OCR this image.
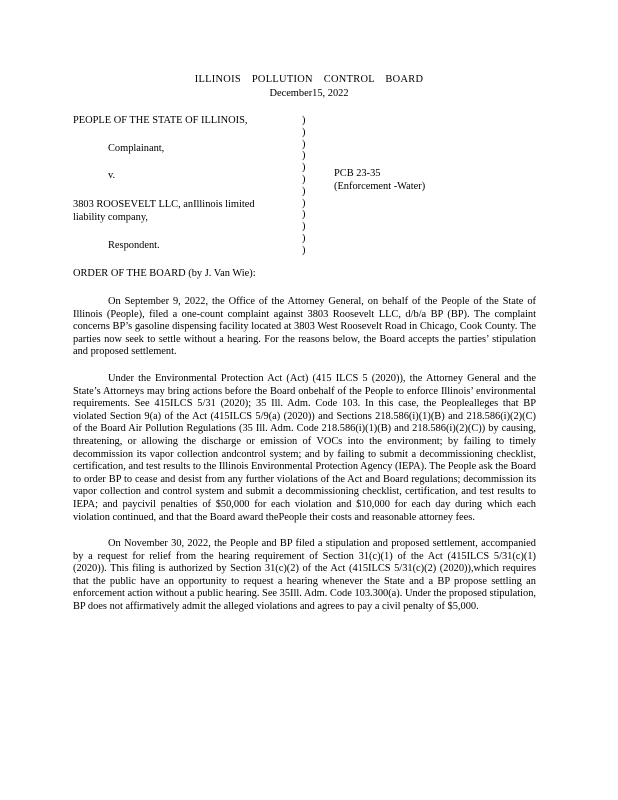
ILLINOIS POLLUTION CONTROL BOARD
December15, 2022
PEOPLE OF THE STATE OF ILLINOIS,
Complainant,
v.
3803 ROOSEVELT LLC, anIllinois limited
liability company,
Respondent.
)
)
)
)
)
)
)
)
)
)
)
)
PCB 23-35
(Enforcement -Water)
ORDER OF THE BOARD (by J. Van Wie):

On September 9, 2022, the Office of the Attorney General, on behalf of the People of the State of Illinois (People), filed a one-count complaint against 3803 Roosevelt LLC, d/b/a BP (BP). The complaint concerns BP’s gasoline dispensing facility located at 3803 West Roosevelt Road in Chicago, Cook County. The parties now seek to settle without a hearing. For the reasons below, the Board accepts the parties’ stipulation and proposed settlement.

Under the Environmental Protection Act (Act) (415 ILCS 5 (2020)), the Attorney General and the State’s Attorneys may bring actions before the Board onbehalf of the People to enforce Illinois’ environmental requirements. See 415ILCS 5/31 (2020); 35 Ill. Adm. Code 103. In this case, the Peoplealleges that BP violated Section 9(a) of the Act (415ILCS 5/9(a) (2020)) and Sections 218.586(i)(1)(B) and 218.586(i)(2)(C) of the Board Air Pollution Regulations (35 Ill. Adm. Code 218.586(i)(1)(B) and 218.586(i)(2)(C)) by causing, threatening, or allowing the discharge or emission of VOCs into the environment; by failing to timely decommission its vapor collection andcontrol system; and by failing to submit a decommissioning checklist, certification, and test results to the Illinois Environmental Protection Agency (IEPA). The People ask the Board to order BP to cease and desist from any further violations of the Act and Board regulations; decommission its vapor collection and control system and submit a decommissioning checklist, certification, and test results to IEPA; and paycivil penalties of $50,000 for each violation and $10,000 for each day during which each violation continued, and that the Board award thePeople their costs and reasonable attorney fees.

On November 30, 2022, the People and BP filed a stipulation and proposed settlement, accompanied by a request for relief from the hearing requirement of Section 31(c)(1) of the Act (415ILCS 5/31(c)(1) (2020)). This filing is authorized by Section 31(c)(2) of the Act (415ILCS 5/31(c)(2) (2020)),which requires that the public have an opportunity to request a hearing whenever the State and a BP propose settling an enforcement action without a public hearing. See 35Ill. Adm. Code 103.300(a). Under the proposed stipulation, BP does not affirmatively admit the alleged violations and agrees to pay a civil penalty of $5,000.
